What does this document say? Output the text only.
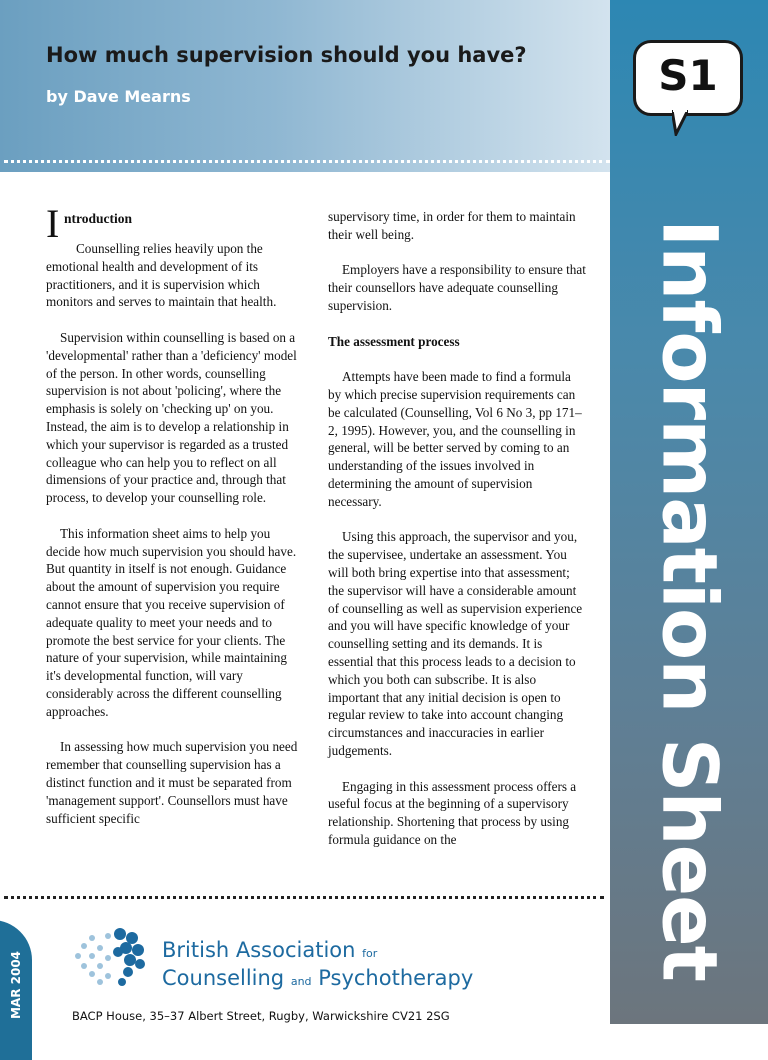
How much supervision should you have?
by Dave Mearns	S1
Information Sheet
I ntroduction

Counselling relies heavily upon the emotional health and development of its practitioners, and it is supervision which monitors and serves to maintain that health.

Supervision within counselling is based on a 'developmental' rather than a 'deficiency' model of the person. In other words, counselling supervision is not about 'policing', where the emphasis is solely on 'checking up' on you. Instead, the aim is to develop a relationship in which your supervisor is regarded as a trusted colleague who can help you to reflect on all dimensions of your practice and, through that process, to develop your counselling role.

This information sheet aims to help you decide how much supervision you should have. But quantity in itself is not enough. Guidance about the amount of supervision you require cannot ensure that you receive supervision of adequate quality to meet your needs and to promote the best service for your clients. The nature of your supervision, while maintaining it's developmental function, will vary considerably across the different counselling approaches.

In assessing how much supervision you need remember that counselling supervision has a distinct function and it must be separated from 'management support'. Counsellors must have sufficient specific

supervisory time, in order for them to maintain their well being.

Employers have a responsibility to ensure that their counsellors have adequate counselling supervision.

The assessment process

Attempts have been made to find a formula by which precise supervision requirements can be calculated (Counselling, Vol 6 No 3, pp 171–2, 1995). However, you, and the counselling in general, will be better served by coming to an understanding of the issues involved in determining the amount of supervision necessary.

Using this approach, the supervisor and you, the supervisee, undertake an assessment. You will both bring expertise into that assessment; the supervisor will have a considerable amount of counselling as well as supervision experience and you will have specific knowledge of your counselling setting and its demands. It is essential that this process leads to a decision to which you both can subscribe. It is also important that any initial decision is open to regular review to take into account changing circumstances and inaccuracies in earlier judgements.

Engaging in this assessment process offers a useful focus at the beginning of a supervisory relationship. Shortening that process by using formula guidance on the

MAR 2004
British Association for
Counselling and Psychotherapy
BACP House, 35–37 Albert Street, Rugby, Warwickshire CV21 2SG
